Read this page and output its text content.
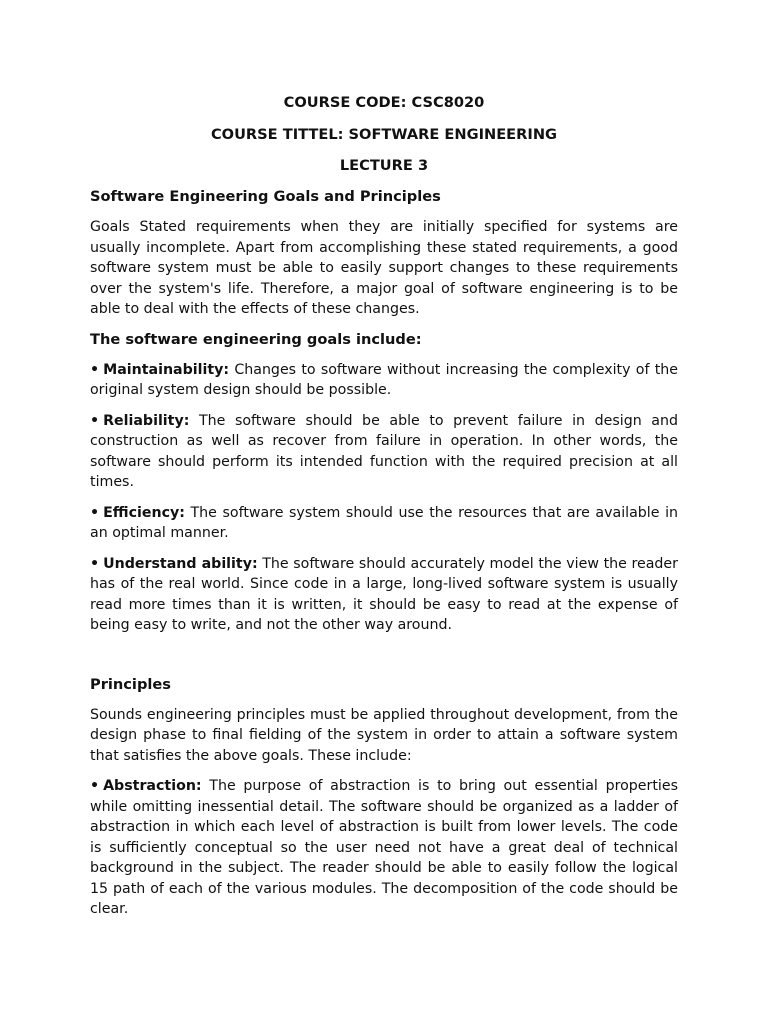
COURSE CODE: CSC8020

COURSE TITTEL: SOFTWARE ENGINEERING

LECTURE 3

Software Engineering Goals and Principles

Goals Stated requirements when they are initially specified for systems are usually incomplete. Apart from accomplishing these stated requirements, a good software system must be able to easily support changes to these requirements over the system's life. Therefore, a major goal of software engineering is to be able to deal with the effects of these changes.

The software engineering goals include:

• Maintainability: Changes to software without increasing the complexity of the original system design should be possible.

• Reliability: The software should be able to prevent failure in design and construction as well as recover from failure in operation. In other words, the software should perform its intended function with the required precision at all times.

• Efficiency: The software system should use the resources that are available in an optimal manner.

• Understand ability: The software should accurately model the view the reader has of the real world. Since code in a large, long-lived software system is usually read more times than it is written, it should be easy to read at the expense of being easy to write, and not the other way around.

Principles

Sounds engineering principles must be applied throughout development, from the design phase to final fielding of the system in order to attain a software system that satisfies the above goals. These include:

• Abstraction: The purpose of abstraction is to bring out essential properties while omitting inessential detail. The software should be organized as a ladder of abstraction in which each level of abstraction is built from lower levels. The code is sufficiently conceptual so the user need not have a great deal of technical background in the subject. The reader should be able to easily follow the logical 15 path of each of the various modules. The decomposition of the code should be clear.
